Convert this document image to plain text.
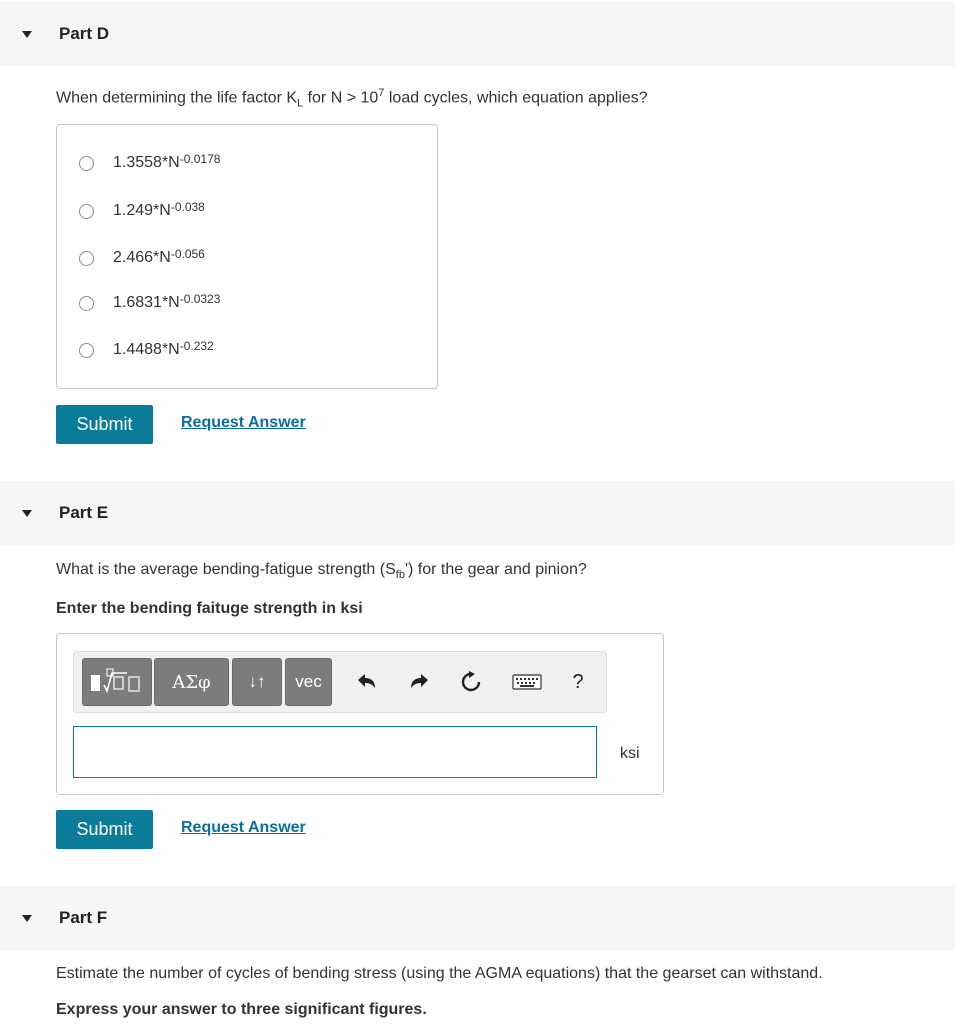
Part D
When determining the life factor $K_L$ for $N > 10^7$ load cycles, which equation applies?
$1.3558*N^{-0.0178}$
$1.249*N^{-0.038}$
$2.466*N^{-0.056}$
$1.6831*N^{-0.0323}$
$1.4488*N^{-0.232}$
Submit	Request Answer
Part E
What is the average bending-fatigue strength $(S_{fb}')$ for the gear and pinion?
Enter the bending faituge strength in ksi
ΑΣφ	↓↑	vec	?
ksi
Submit	Request Answer
Part F
Estimate the number of cycles of bending stress (using the AGMA equations) that the gearset can withstand.
Express your answer to three significant figures.
